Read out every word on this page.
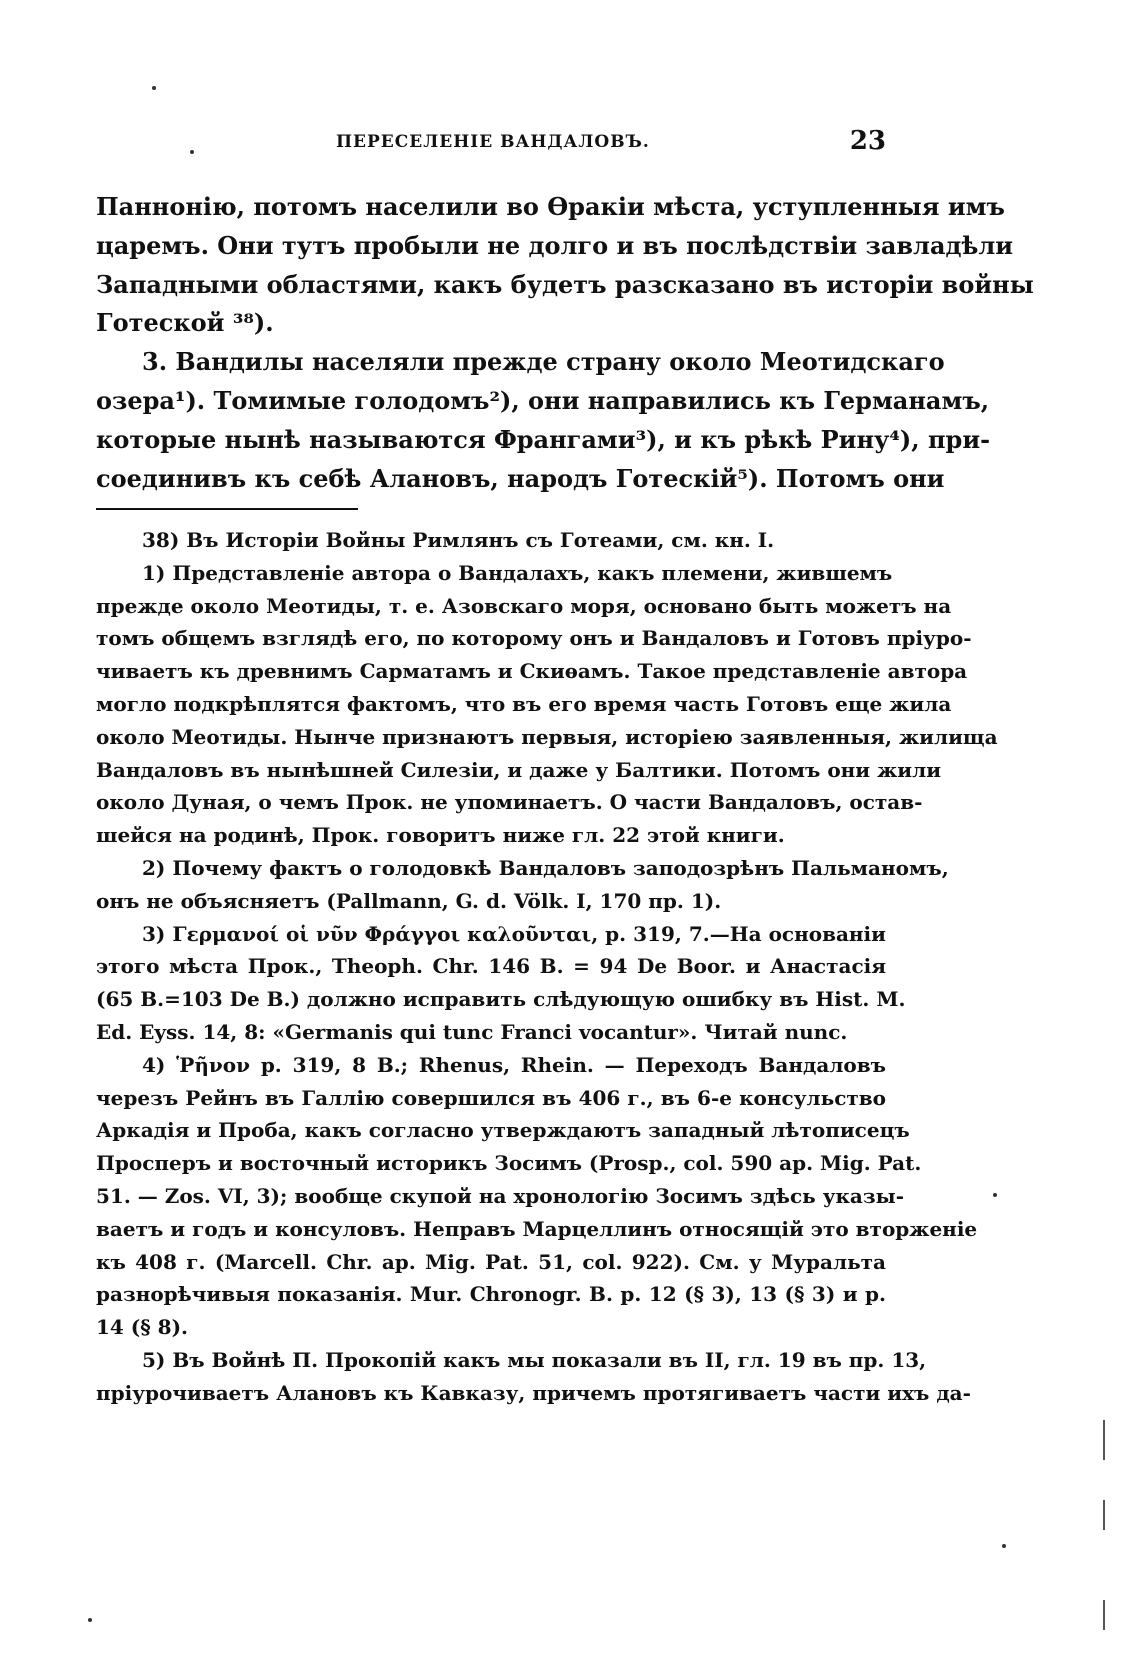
ПЕРЕСЕЛЕНІЕ ВАНДАЛОВЪ.	23

Паннонію, потомъ населили во Ѳракіи мѣста, уступленныя имъ
царемъ. Они тутъ пробыли не долго и въ послѣдствіи завладѣли
Западными областями, какъ будетъ разсказано въ исторіи войны
Готеской ³⁸).

3. Вандилы населяли прежде страну около Меотидскаго
озера¹). Томимые голодомъ²), они направились къ Германамъ,
которые нынѣ называются Франгами³), и къ рѣкѣ Рину⁴), при-
соединивъ къ себѣ Алановъ, народъ Готескій⁵). Потомъ они

38) Въ Исторіи Войны Римлянъ съ Готеами, см. кн. I.
1) Представленіе автора о Вандалахъ, какъ племени, жившемъ
прежде около Меотиды, т. е. Азовскаго моря, основано быть можетъ на
томъ общемъ взглядѣ его, по которому онъ и Вандаловъ и Готовъ пріуро-
чиваетъ къ древнимъ Сарматамъ и Скиѳамъ. Такое представленіе автора
могло подкрѣплятся фактомъ, что въ его время часть Готовъ еще жила
около Меотиды. Нынче признаютъ первыя, исторіею заявленныя, жилища
Вандаловъ въ нынѣшней Силезіи, и даже у Балтики. Потомъ они жили
около Дуная, о чемъ Прок. не упоминаетъ. О части Вандаловъ, остав-
шейся на родинѣ, Прок. говоритъ ниже гл. 22 этой книги.
2) Почему фактъ о голодовкѣ Вандаловъ заподозрѣнъ Пальманомъ,
онъ не объясняетъ (Pallmann, G. d. Völk. I, 170 пр. 1).
3) Γερμανοί οἱ νῦν Φράγγοι καλοῦνται, p. 319, 7.—На основаніи
этого мѣста Прок., Theoph. Chr. 146 B. = 94 De Boor. и Анастасія
(65 B.=103 De B.) должно исправить слѣдующую ошибку въ Hist. M.
Ed. Eyss. 14, 8: «Germanis qui tunc Franci vocantur». Читай nunc.
4) Ῥῆνον p. 319, 8 B.; Rhenus, Rhein. — Переходъ Вандаловъ
черезъ Рейнъ въ Галлію совершился въ 406 г., въ 6-е консульство
Аркадія и Проба, какъ согласно утверждаютъ западный лѣтописецъ
Просперъ и восточный историкъ Зосимъ (Prosp., col. 590 ap. Mig. Pat.
51. — Zos. VI, 3); вообще скупой на хронологію Зосимъ здѣсь указы-
ваетъ и годъ и консуловъ. Неправъ Марцеллинъ относящій это вторженіе
къ 408 г. (Marcell. Chr. ap. Mig. Pat. 51, col. 922). См. у Муральта
разнорѣчивыя показанія. Mur. Chronogr. B. p. 12 (§ 3), 13 (§ 3) и p.
14 (§ 8).
5) Въ Войнѣ П. Прокопій какъ мы показали въ II, гл. 19 въ пр. 13,
пріурочиваетъ Алановъ къ Кавказу, причемъ протягиваетъ части ихъ да-
